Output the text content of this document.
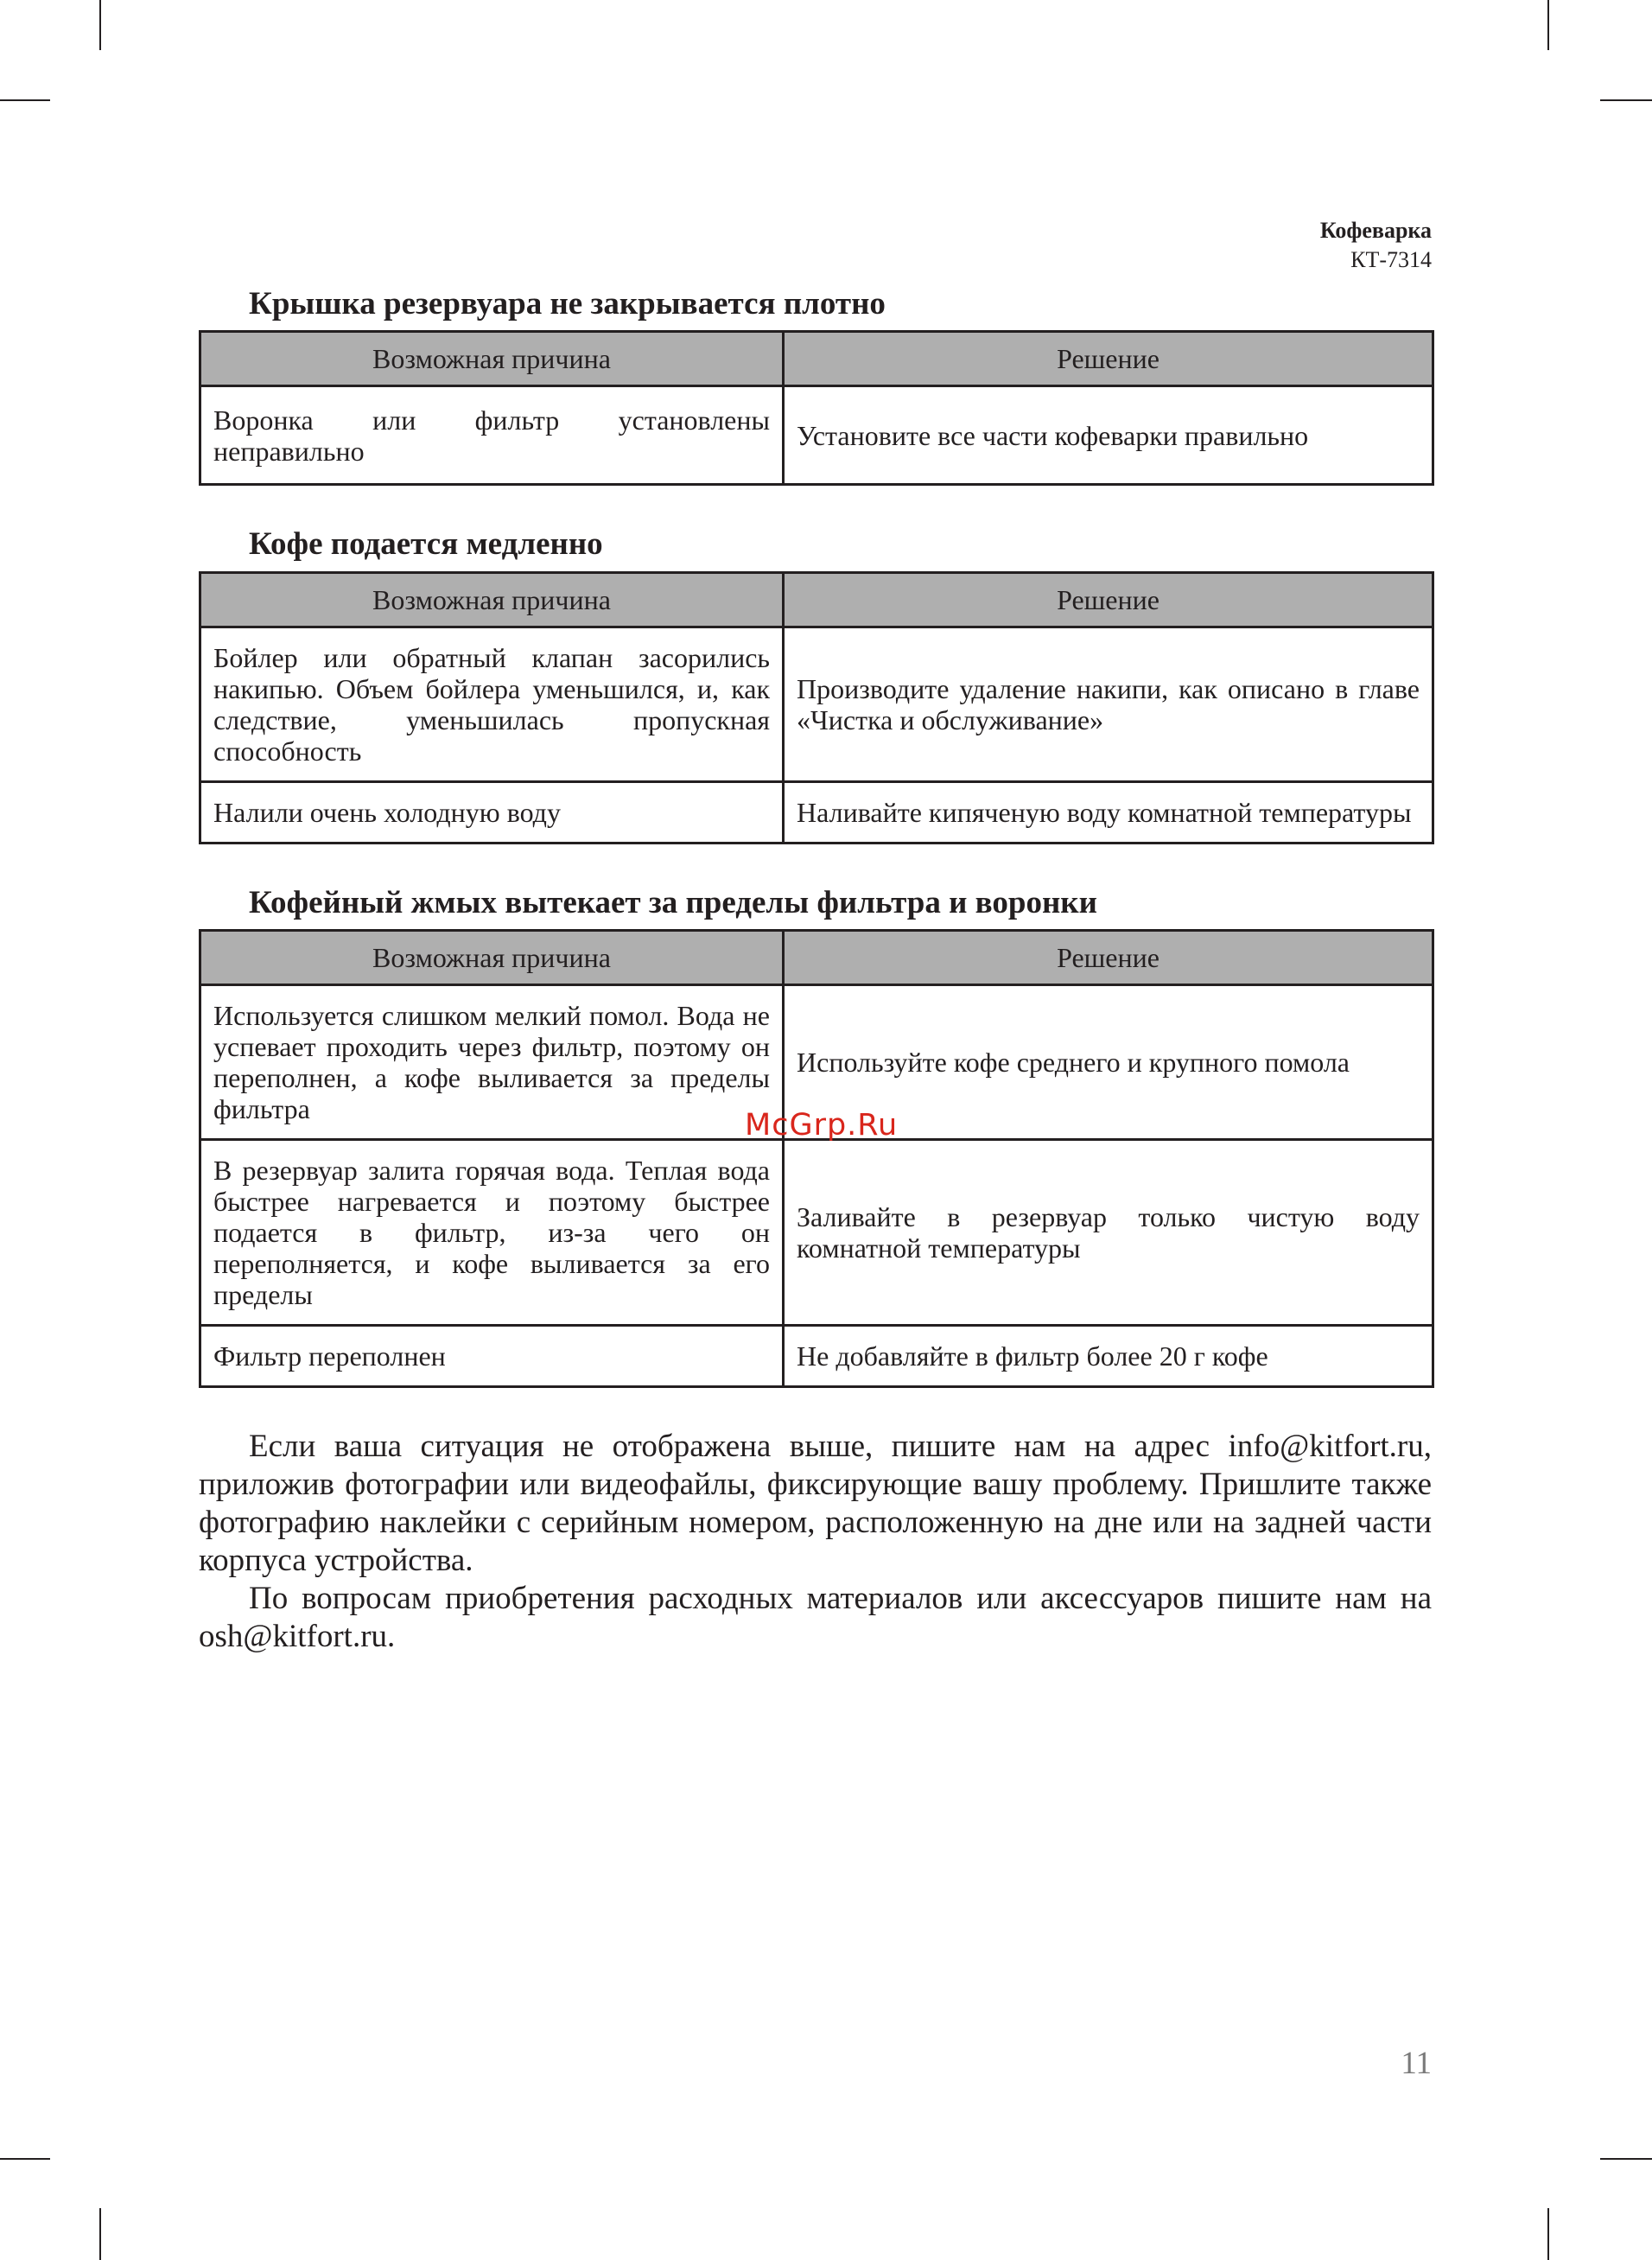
Кофеварка
КТ-7314
Крышка резервуара не закрывается плотно
Возможная причина	Решение
Воронка или фильтр установлены неправильно	Установите все части кофеварки правильно
Кофе подается медленно
Возможная причина	Решение
Бойлер или обратный клапан засорились накипью. Объем бойлера уменьшился, и, как следствие, уменьшилась пропускная способность	Производите удаление накипи, как описано в главе «Чистка и обслуживание»
Налили очень холодную воду	Наливайте кипяченую воду комнатной температуры
Кофейный жмых вытекает за пределы фильтра и воронки
Возможная причина	Решение
Используется слишком мелкий помол. Вода не успевает проходить через фильтр, поэтому он переполнен, а кофе выливается за пределы фильтра	Используйте кофе среднего и крупного помола
В резервуар залита горячая вода. Теплая вода быстрее нагревается и поэтому быстрее подается в фильтр, из-за чего он переполняется, и кофе выливается за его пределы	Заливайте в резервуар только чистую воду комнатной температуры
Фильтр переполнен	Не добавляйте в фильтр более 20 г кофе

Если ваша ситуация не отображена выше, пишите нам на адрес info@kitfort.ru, приложив фотографии или видеофайлы, фиксирующие вашу проблему. Пришлите также фотографию наклейки с серийным номером, расположенную на дне или на задней части корпуса устройства.

По вопросам приобретения расходных материалов или аксессуаров пишите нам на osh@kitfort.ru.

McGrp.Ru
11
